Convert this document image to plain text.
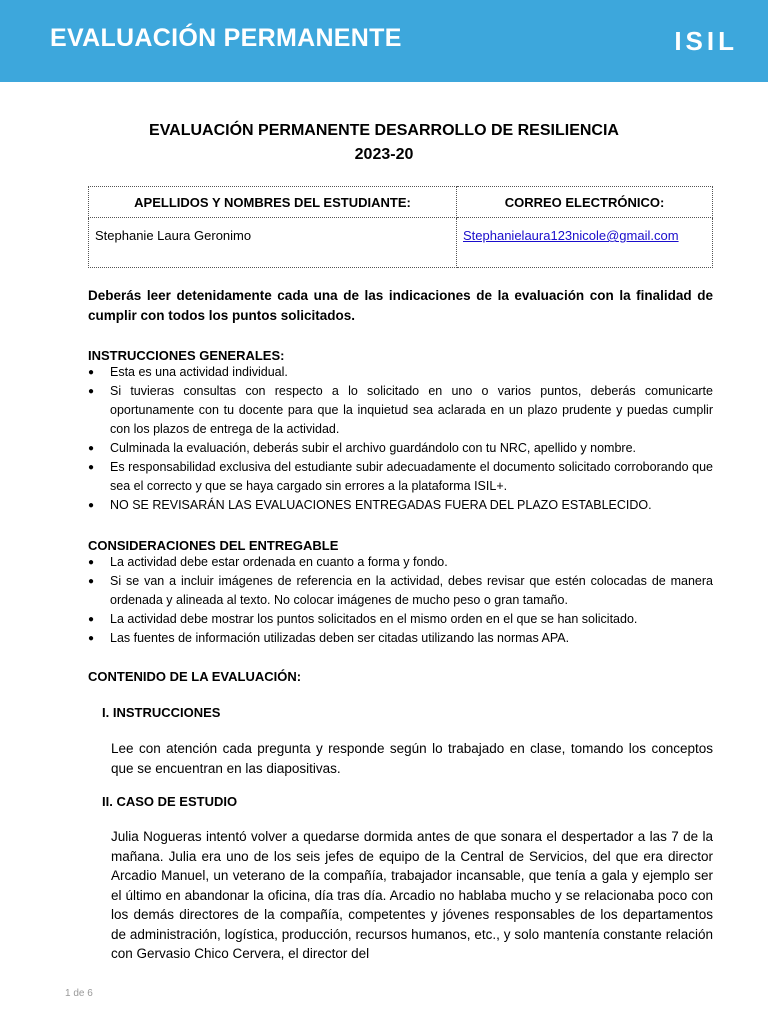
EVALUACIÓN PERMANENTE	ISIL
EVALUACIÓN PERMANENTE DESARROLLO DE RESILIENCIA
2023-20
APELLIDOS Y NOMBRES DEL ESTUDIANTE:	CORREO ELECTRÓNICO:
Stephanie Laura Geronimo	Stephanielaura123nicole@gmail.com
Deberás leer detenidamente cada una de las indicaciones de la evaluación con la finalidad de cumplir con todos los puntos solicitados.
INSTRUCCIONES GENERALES:
● Esta es una actividad individual.
● Si tuvieras consultas con respecto a lo solicitado en uno o varios puntos, deberás comunicarte oportunamente con tu docente para que la inquietud sea aclarada en un plazo prudente y puedas cumplir con los plazos de entrega de la actividad.
● Culminada la evaluación, deberás subir el archivo guardándolo con tu NRC, apellido y nombre.
● Es responsabilidad exclusiva del estudiante subir adecuadamente el documento solicitado corroborando que sea el correcto y que se haya cargado sin errores a la plataforma ISIL+.
● NO SE REVISARÁN LAS EVALUACIONES ENTREGADAS FUERA DEL PLAZO ESTABLECIDO.
CONSIDERACIONES DEL ENTREGABLE
● La actividad debe estar ordenada en cuanto a forma y fondo.
● Si se van a incluir imágenes de referencia en la actividad, debes revisar que estén colocadas de manera ordenada y alineada al texto. No colocar imágenes de mucho peso o gran tamaño.
● La actividad debe mostrar los puntos solicitados en el mismo orden en el que se han solicitado.
● Las fuentes de información utilizadas deben ser citadas utilizando las normas APA.
CONTENIDO DE LA EVALUACIÓN:
I. INSTRUCCIONES
Lee con atención cada pregunta y responde según lo trabajado en clase, tomando los conceptos que se encuentran en las diapositivas.
II. CASO DE ESTUDIO
Julia Nogueras intentó volver a quedarse dormida antes de que sonara el despertador a las 7 de la mañana. Julia era uno de los seis jefes de equipo de la Central de Servicios, del que era director Arcadio Manuel, un veterano de la compañía, trabajador incansable, que tenía a gala y ejemplo ser el último en abandonar la oficina, día tras día. Arcadio no hablaba mucho y se relacionaba poco con los demás directores de la compañía, competentes y jóvenes responsables de los departamentos de administración, logística, producción, recursos humanos, etc., y solo mantenía constante relación con Gervasio Chico Cervera, el director del
1 de 6
